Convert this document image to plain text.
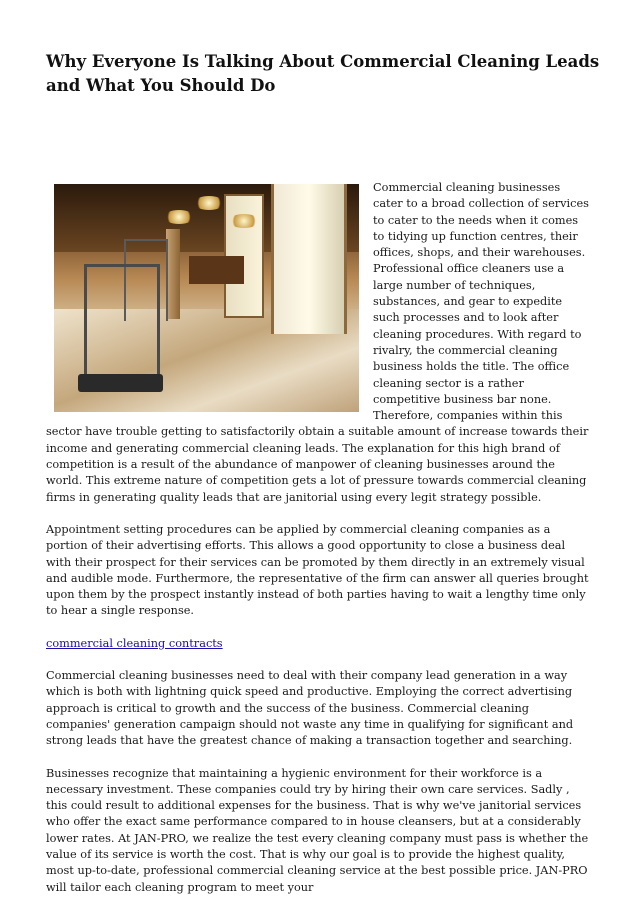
Why Everyone Is Talking About Commercial Cleaning Leads and What You Should Do

Commercial cleaning businesses cater to a broad collection of services to cater to the needs when it comes to tidying up function centres, their offices, shops, and their warehouses. Professional office cleaners use a large number of techniques, substances, and gear to expedite such processes and to look after cleaning procedures. With regard to rivalry, the commercial cleaning business holds the title. The office cleaning sector is a rather competitive business bar none. Therefore, companies within this sector have trouble getting to satisfactorily obtain a suitable amount of increase towards their income and generating commercial cleaning leads. The explanation for this high brand of competition is a result of the abundance of manpower of cleaning businesses around the world. This extreme nature of competition gets a lot of pressure towards commercial cleaning firms in generating quality leads that are janitorial using every legit strategy possible.

Appointment setting procedures can be applied by commercial cleaning companies as a portion of their advertising efforts. This allows a good opportunity to close a business deal with their prospect for their services can be promoted by them directly in an extremely visual and audible mode. Furthermore, the representative of the firm can answer all queries brought upon them by the prospect instantly instead of both parties having to wait a lengthy time only to hear a single response.

commercial cleaning contracts

Commercial cleaning businesses need to deal with their company lead generation in a way which is both with lightning quick speed and productive. Employing the correct advertising approach is critical to growth and the success of the business. Commercial cleaning companies' generation campaign should not waste any time in qualifying for significant and strong leads that have the greatest chance of making a transaction together and searching.

Businesses recognize that maintaining a hygienic environment for their workforce is a necessary investment. These companies could try by hiring their own care services. Sadly , this could result to additional expenses for the business. That is why we've janitorial services who offer the exact same performance compared to in house cleansers, but at a considerably lower rates. At JAN-PRO, we realize the test every cleaning company must pass is whether the value of its service is worth the cost. That is why our goal is to provide the highest quality, most up-to-date, professional commercial cleaning service at the best possible price. JAN-PRO will tailor each cleaning program to meet your
